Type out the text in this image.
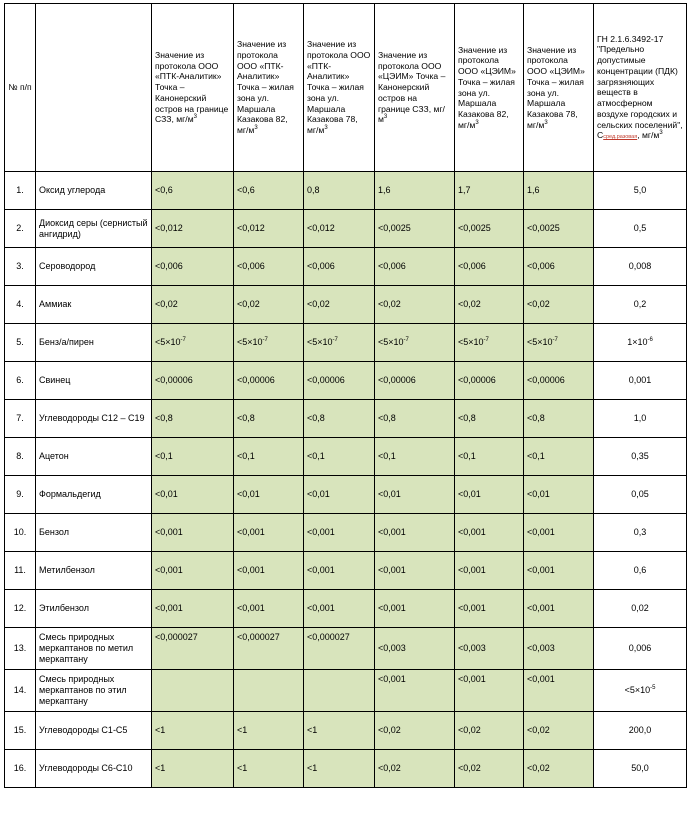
№ п/п		Значение из протокола ООО «ПТК-Аналитик» Точка – Канонерский остров на границе СЗЗ, $мг/м^3$	Значение из протокола ООО «ПТК-Аналитик» Точка – жилая зона ул. Маршала Казакова 82, $мг/м^3$	Значение из протокола ООО «ПТК-Аналитик» Точка – жилая зона ул. Маршала Казакова 78, $мг/м^3$	Значение из протокола ООО «ЦЭИМ» Точка – Канонерский остров на границе СЗЗ, $мг/м^3$	Значение из протокола ООО «ЦЭИМ» Точка – жилая зона ул. Маршала Казакова 82, $мг/м^3$	Значение из протокола ООО «ЦЭИМ» Точка – жилая зона ул. Маршала Казакова 78, $мг/м^3$	ГН 2.1.6.3492-17 "Предельно допустимые концентрации (ПДК) загрязняющих веществ в атмосферном воздухе городских и сельских поселений", Ссред.разовая, $мг/м^3$
1.	Оксид углерода	<0,6	<0,6	0,8	1,6	1,7	1,6	5,0
2.	Диоксид серы (сернистый ангидрид)	<0,012	<0,012	<0,012	<0,0025	<0,0025	<0,0025	0,5
3.	Сероводород	<0,006	<0,006	<0,006	<0,006	<0,006	<0,006	0,008
4.	Аммиак	<0,02	<0,02	<0,02	<0,02	<0,02	<0,02	0,2
5.	Бенз/а/пирен	$<5\times 10^{-7}$	$<5\times 10^{-7}$	$<5\times 10^{-7}$	$<5\times 10^{-7}$	$<5\times 10^{-7}$	$<5\times 10^{-7}$	$1\times 10^{-6}$
6.	Свинец	<0,00006	<0,00006	<0,00006	<0,00006	<0,00006	<0,00006	0,001
7.	Углеводороды С12 – С19	<0,8	<0,8	<0,8	<0,8	<0,8	<0,8	1,0
8.	Ацетон	<0,1	<0,1	<0,1	<0,1	<0,1	<0,1	0,35
9.	Формальдегид	<0,01	<0,01	<0,01	<0,01	<0,01	<0,01	0,05
10.	Бензол	<0,001	<0,001	<0,001	<0,001	<0,001	<0,001	0,3
11.	Метилбензол	<0,001	<0,001	<0,001	<0,001	<0,001	<0,001	0,6
12.	Этилбензол	<0,001	<0,001	<0,001	<0,001	<0,001	<0,001	0,02
13.	Смесь природных меркаптанов по метил меркаптану	<0,000027	<0,000027	<0,000027	<0,003	<0,003	<0,003	0,006
14.	Смесь природных меркаптанов по этил меркаптану				<0,001	<0,001	<0,001	$<5\times 10^{-5}$
15.	Углеводороды С1-С5	<1	<1	<1	<0,02	<0,02	<0,02	200,0
16.	Углеводороды С6-С10	<1	<1	<1	<0,02	<0,02	<0,02	50,0
